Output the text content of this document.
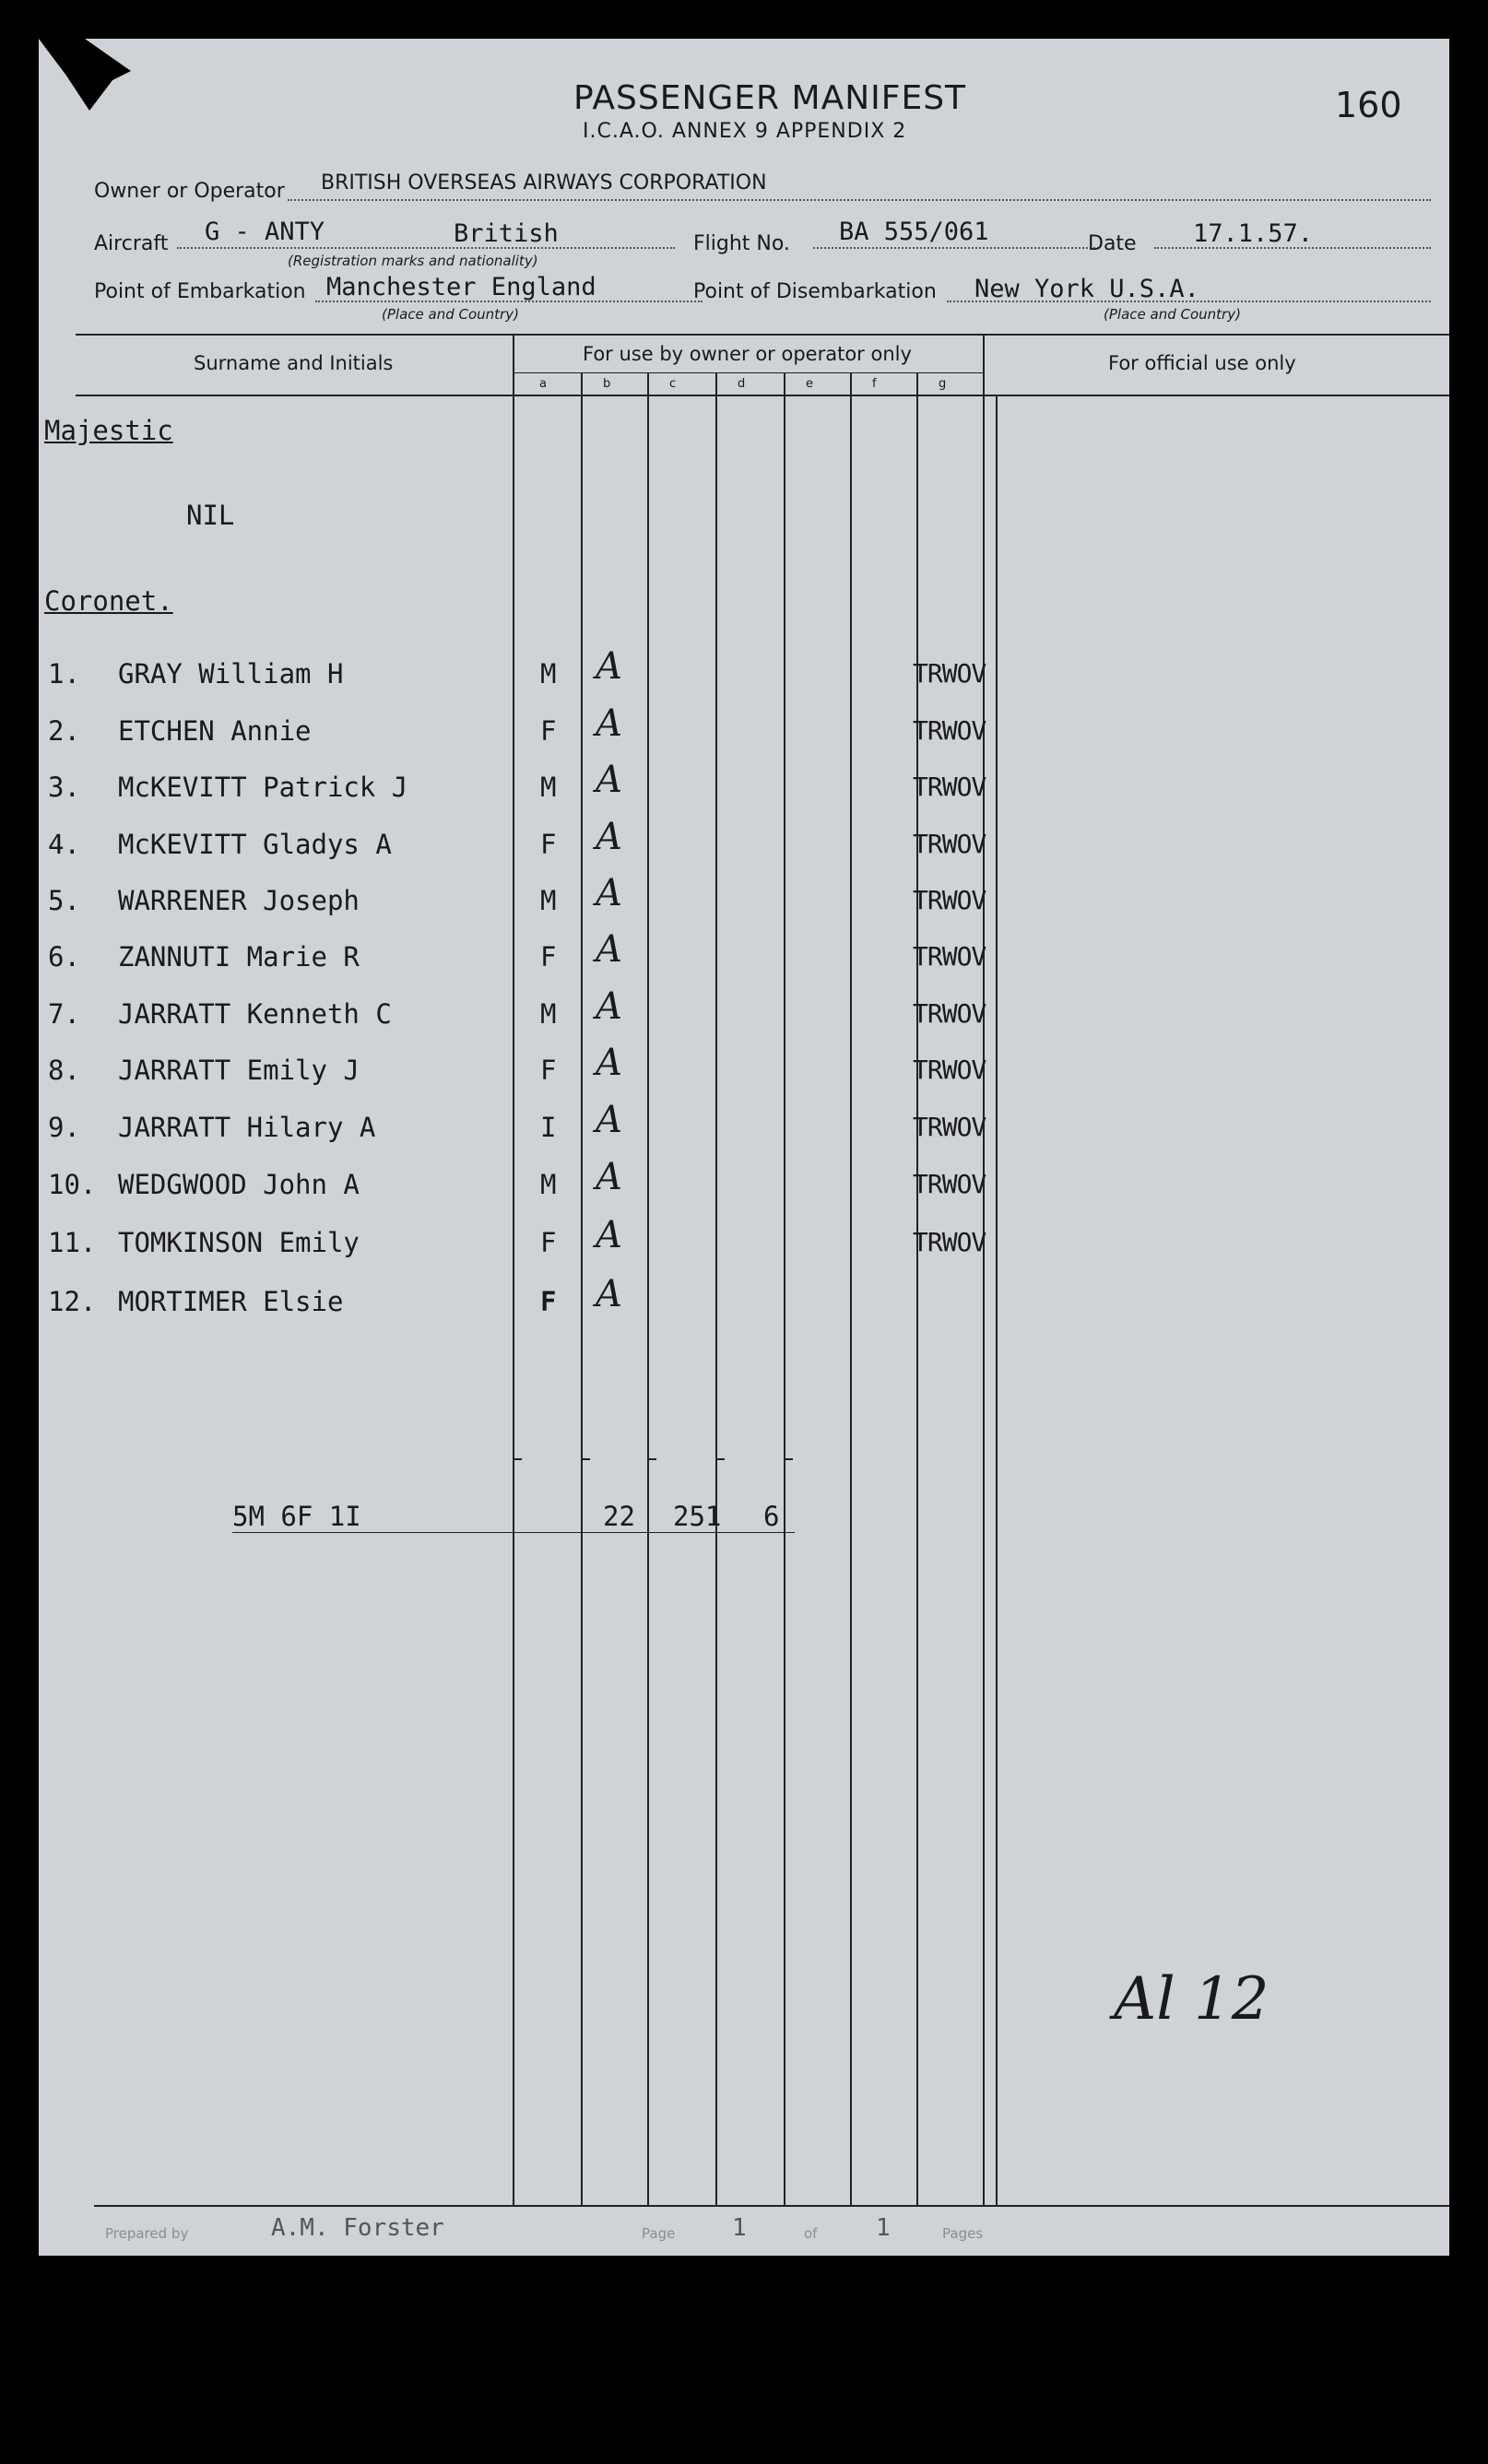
PASSENGER MANIFEST
I.C.A.O. ANNEX 9 APPENDIX 2
160
Owner or Operator BRITISH OVERSEAS AIRWAYS CORPORATION
Aircraft G - ANTY	British
(Registration marks and nationality)
Flight No. BA 555/061	Date 17.1.57.
Point of Embarkation Manchester England
(Place and Country)
Point of Disembarkation New York U.S.A.
(Place and Country)
Surname and Initials	For use by owner or operator only	For official use only
a	b	c	d	e	f	g
Majestic
NIL
Coronet.
1. GRAY William H	M A	TRWOV
2. ETCHEN Annie	F A	TRWOV
3. McKEVITT Patrick J	M A	TRWOV
4. McKEVITT Gladys A	F A	TRWOV
5. WARRENER Joseph	M A	TRWOV
6. ZANNUTI Marie R	F A	TRWOV
7. JARRATT Kenneth C	M A	TRWOV
8. JARRATT Emily J	F A	TRWOV
9. JARRATT Hilary A	I A	TRWOV
10. WEDGWOOD John A	M A	TRWOV
11. TOMKINSON Emily	F A	TRWOV
12. MORTIMER Elsie	F A
5M 6F 1I	22 251 6
Al 12
Prepared by	A.M. Forster	Page 1	of 1	Pages
